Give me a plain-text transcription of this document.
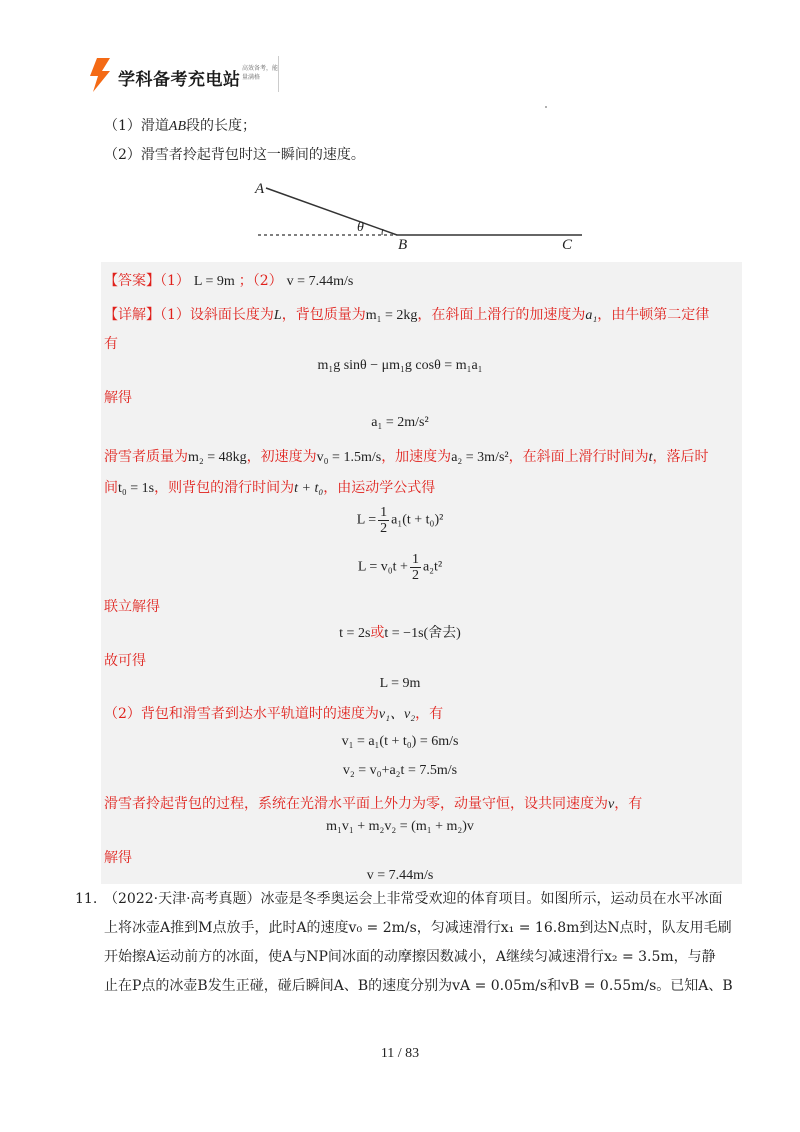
学科备考充电站
高效备考，能量满格
（1）滑道AB段的长度；
（2）滑雪者拎起背包时这一瞬间的速度。
A
θ
B	C
【答案】（1） L = 9m ；（2） v = 7.44m/s
【详解】（1）设斜面长度为L，背包质量为m₁ = 2kg，在斜面上滑行的加速度为a₁，由牛顿第二定律
有
m₁g sinθ − μm₁g cosθ = m₁a₁
解得
a₁ = 2m/s²
滑雪者质量为m₂ = 48kg，初速度为v₀ = 1.5m/s，加速度为a₂ = 3m/s²，在斜面上滑行时间为t，落后时
间t₀ = 1s，则背包的滑行时间为t + t₀，由运动学公式得
$L = \frac{1}{2} a_1(t + t_0)^2$
$L = v_0t + \frac{1}{2} a_2t^2$
联立解得
t = 2s或t = −1s(舍去)
故可得
L = 9m
（2）背包和滑雪者到达水平轨道时的速度为v₁、v₂，有
v₁ = a₁(t + t₀) = 6m/s
v₂ = v₀+a₂t = 7.5m/s
滑雪者拎起背包的过程，系统在光滑水平面上外力为零，动量守恒，设共同速度为v，有
m₁v₁ + m₂v₂ = (m₁ + m₂)v
解得
v = 7.44m/s
11. （2022·天津·高考真题）冰壶是冬季奥运会上非常受欢迎的体育项目。如图所示，运动员在水平冰面
上将冰壶A推到M点放手，此时A的速度v₀ = 2m/s，匀减速滑行x₁ = 16.8m到达N点时，队友用毛刷
开始擦A运动前方的冰面，使A与NP间冰面的动摩擦因数减小，A继续匀减速滑行x₂ = 3.5m，与静
止在P点的冰壶B发生正碰，碰后瞬间A、B的速度分别为vA = 0.05m/s和vB = 0.55m/s。已知A、B
11 / 83
